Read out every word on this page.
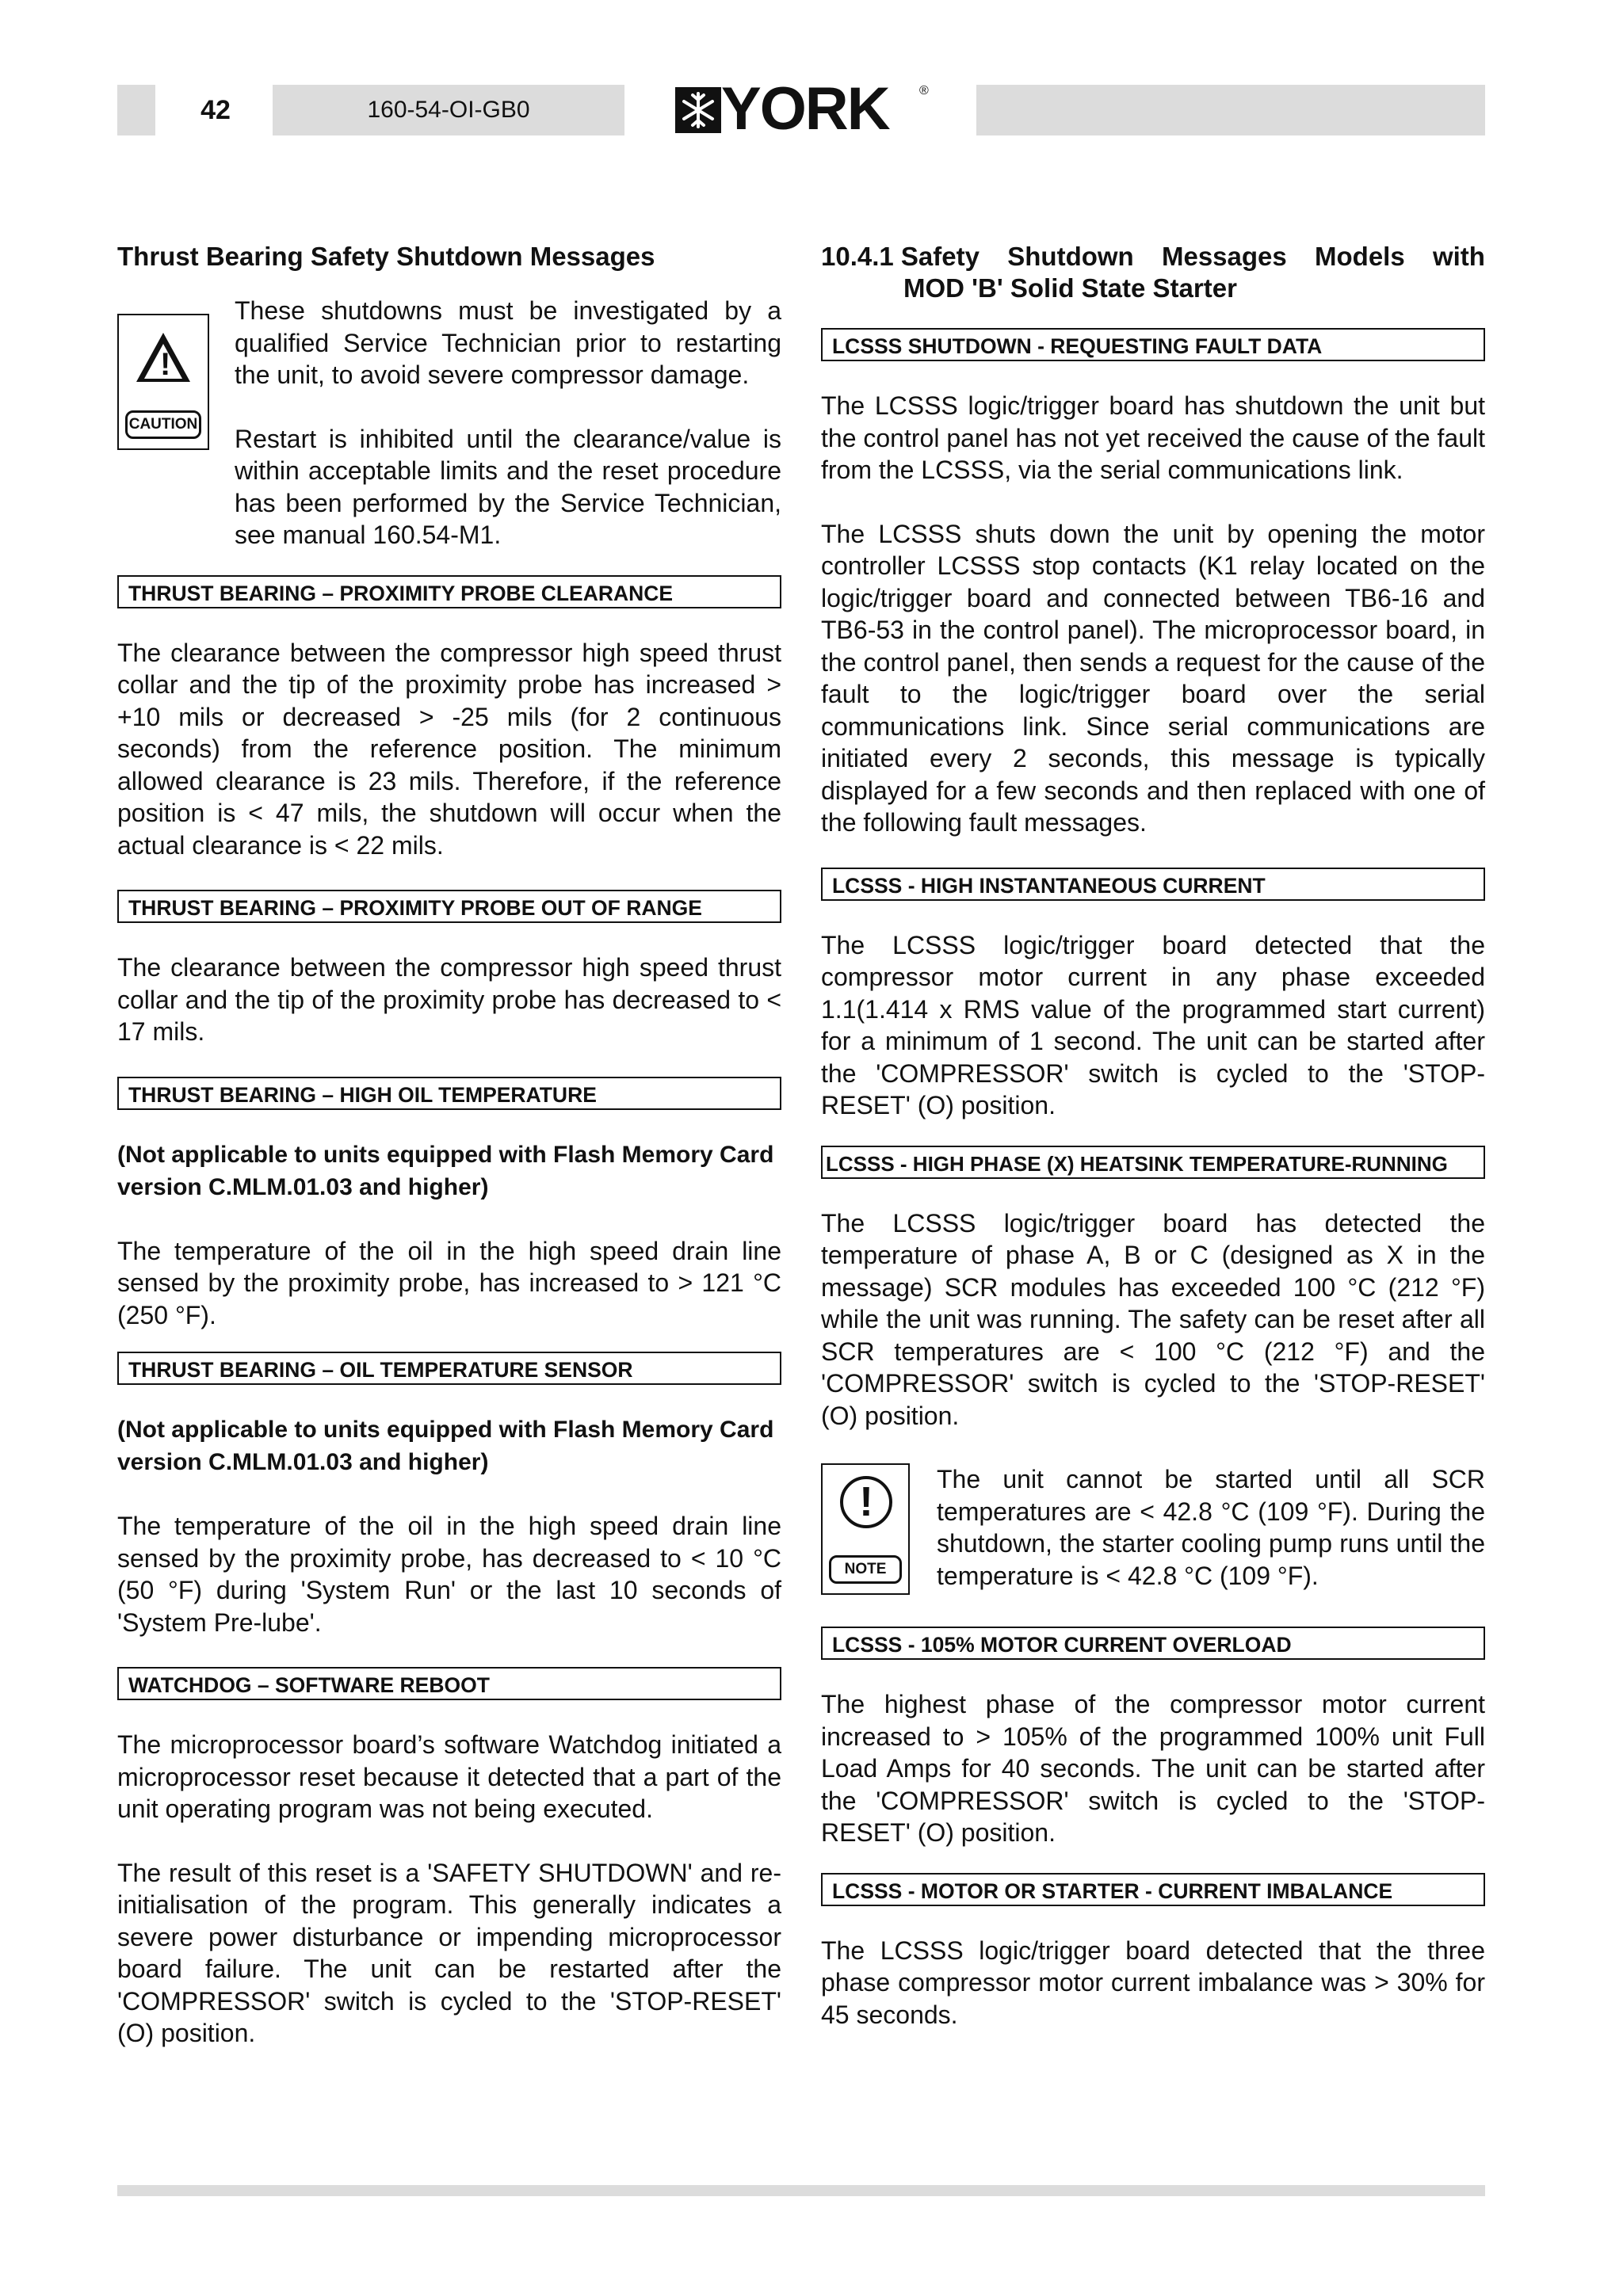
42	160-54-OI-GB0	YORK ®
Thrust Bearing Safety Shutdown Messages
!
CAUTION

These shutdowns must be investigated by a qualified Service Technician prior to restarting the unit, to avoid severe compressor damage.

Restart is inhibited until the clearance/value is within acceptable limits and the reset procedure has been performed by the Service Technician, see manual 160.54-M1.

THRUST BEARING – PROXIMITY PROBE CLEARANCE

The clearance between the compressor high speed thrust collar and the tip of the proximity probe has increased > +10 mils or decreased > -25 mils (for 2 continuous seconds) from the reference position. The minimum allowed clearance is 23 mils. Therefore, if the reference position is < 47 mils, the shutdown will occur when the actual clearance is < 22 mils.

THRUST BEARING – PROXIMITY PROBE OUT OF RANGE

The clearance between the compressor high speed thrust collar and the tip of the proximity probe has decreased to < 17 mils.

THRUST BEARING – HIGH OIL TEMPERATURE
(Not applicable to units equipped with Flash Memory Card version C.MLM.01.03 and higher)

The temperature of the oil in the high speed drain line sensed by the proximity probe, has increased to > 121 °C (250 °F).

THRUST BEARING – OIL TEMPERATURE SENSOR
(Not applicable to units equipped with Flash Memory Card version C.MLM.01.03 and higher)

The temperature of the oil in the high speed drain line sensed by the proximity probe, has decreased to < 10 °C (50 °F) during 'System Run' or the last 10 seconds of 'System Pre-lube'.

WATCHDOG – SOFTWARE REBOOT

The microprocessor board’s software Watchdog initiated a microprocessor reset because it detected that a part of the unit operating program was not being executed.

The result of this reset is a 'SAFETY SHUTDOWN' and re-initialisation of the program. This generally indicates a severe power disturbance or impending microprocessor board failure. The unit can be restarted after the 'COMPRESSOR' switch is cycled to the 'STOP-RESET' (O) position.

10.4.1 Safety Shutdown Messages Models with
MOD 'B' Solid State Starter
LCSSS SHUTDOWN - REQUESTING FAULT DATA

The LCSSS logic/trigger board has shutdown the unit but the control panel has not yet received the cause of the fault from the LCSSS, via the serial communications link.

The LCSSS shuts down the unit by opening the motor controller LCSSS stop contacts (K1 relay located on the logic/trigger board and connected between TB6-16 and TB6-53 in the control panel). The microprocessor board, in the control panel, then sends a request for the cause of the fault to the logic/trigger board over the serial communications link. Since serial communications are initiated every 2 seconds, this message is typically displayed for a few seconds and then replaced with one of the following fault messages.

LCSSS - HIGH INSTANTANEOUS CURRENT

The LCSSS logic/trigger board detected that the compressor motor current in any phase exceeded 1.1(1.414 x RMS value of the programmed start current) for a minimum of 1 second. The unit can be started after the 'COMPRESSOR' switch is cycled to the 'STOP-RESET' (O) position.

LCSSS - HIGH PHASE (X) HEATSINK TEMPERATURE-RUNNING

The LCSSS logic/trigger board has detected the temperature of phase A, B or C (designed as X in the message) SCR modules has exceeded 100 °C (212 °F) while the unit was running. The safety can be reset after all SCR temperatures are < 100 °C (212 °F) and the 'COMPRESSOR' switch is cycled to the 'STOP-RESET' (O) position.

!
NOTE

The unit cannot be started until all SCR temperatures are < 42.8 °C (109 °F). During the shutdown, the starter cooling pump runs until the temperature is < 42.8 °C (109 °F).

LCSSS - 105% MOTOR CURRENT OVERLOAD

The highest phase of the compressor motor current increased to > 105% of the programmed 100% unit Full Load Amps for 40 seconds. The unit can be started after the 'COMPRESSOR' switch is cycled to the 'STOP-RESET' (O) position.

LCSSS - MOTOR OR STARTER - CURRENT IMBALANCE

The LCSSS logic/trigger board detected that the three phase compressor motor current imbalance was > 30% for 45 seconds.
